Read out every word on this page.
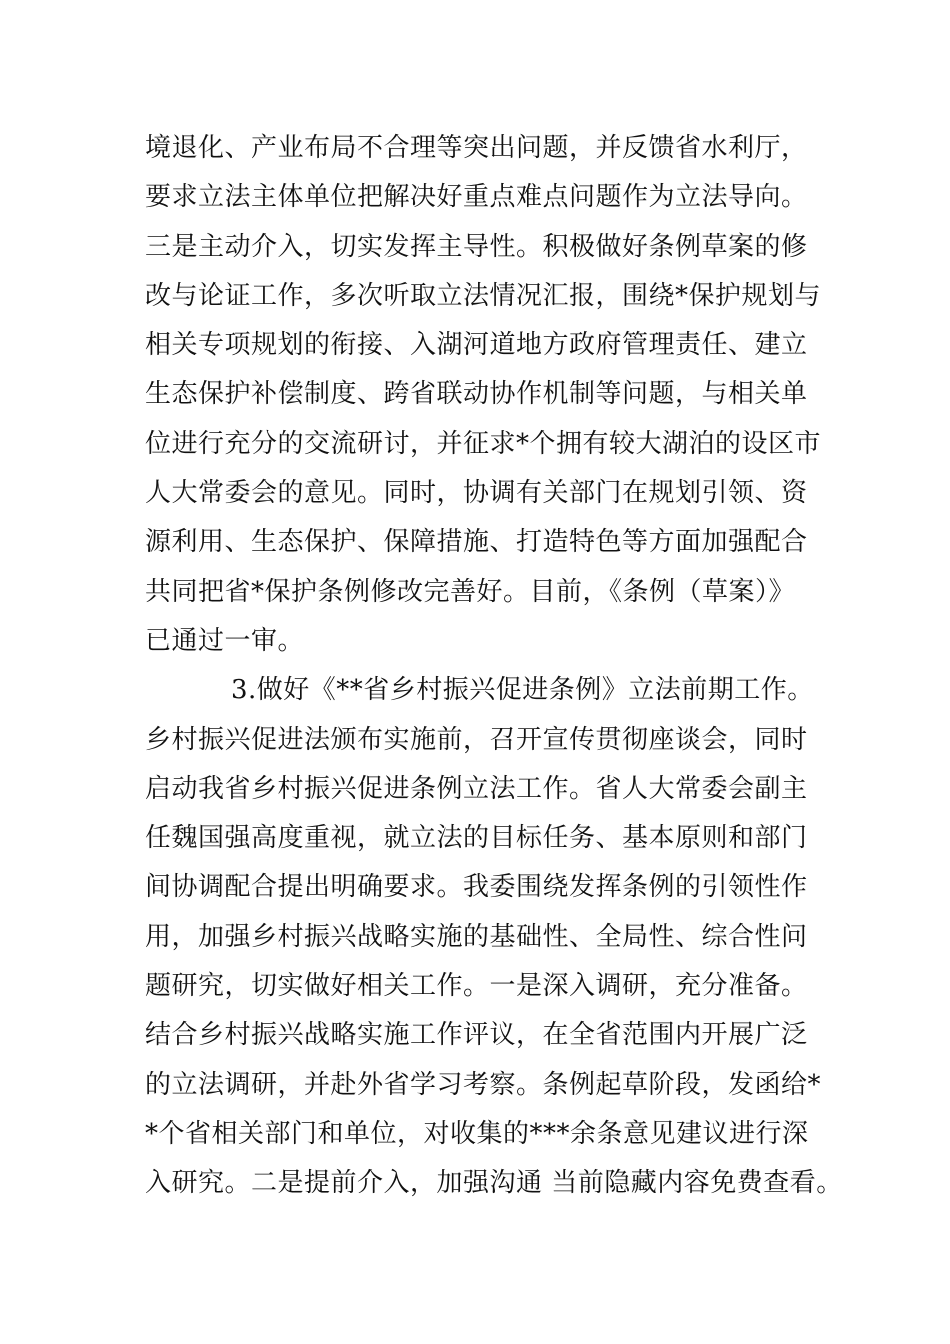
境退化、产业布局不合理等突出问题，并反馈省水利厅，
要求立法主体单位把解决好重点难点问题作为立法导向。
三是主动介入，切实发挥主导性。积极做好条例草案的修
改与论证工作，多次听取立法情况汇报，围绕*保护规划与
相关专项规划的衔接、入湖河道地方政府管理责任、建立
生态保护补偿制度、跨省联动协作机制等问题，与相关单
位进行充分的交流研讨，并征求*个拥有较大湖泊的设区市
人大常委会的意见。同时，协调有关部门在规划引领、资
源利用、生态保护、保障措施、打造特色等方面加强配合
共同把省*保护条例修改完善好。目前，《条例（草案）》
已通过一审。
3.做好《**省乡村振兴促进条例》立法前期工作。
乡村振兴促进法颁布实施前，召开宣传贯彻座谈会，同时
启动我省乡村振兴促进条例立法工作。省人大常委会副主
任魏国强高度重视，就立法的目标任务、基本原则和部门
间协调配合提出明确要求。我委围绕发挥条例的引领性作
用，加强乡村振兴战略实施的基础性、全局性、综合性问
题研究，切实做好相关工作。一是深入调研，充分准备。
结合乡村振兴战略实施工作评议，在全省范围内开展广泛
的立法调研，并赴外省学习考察。条例起草阶段，发函给*
*个省相关部门和单位，对收集的***余条意见建议进行深
入研究。二是提前介入，加强沟通 当前隐藏内容免费查看。
